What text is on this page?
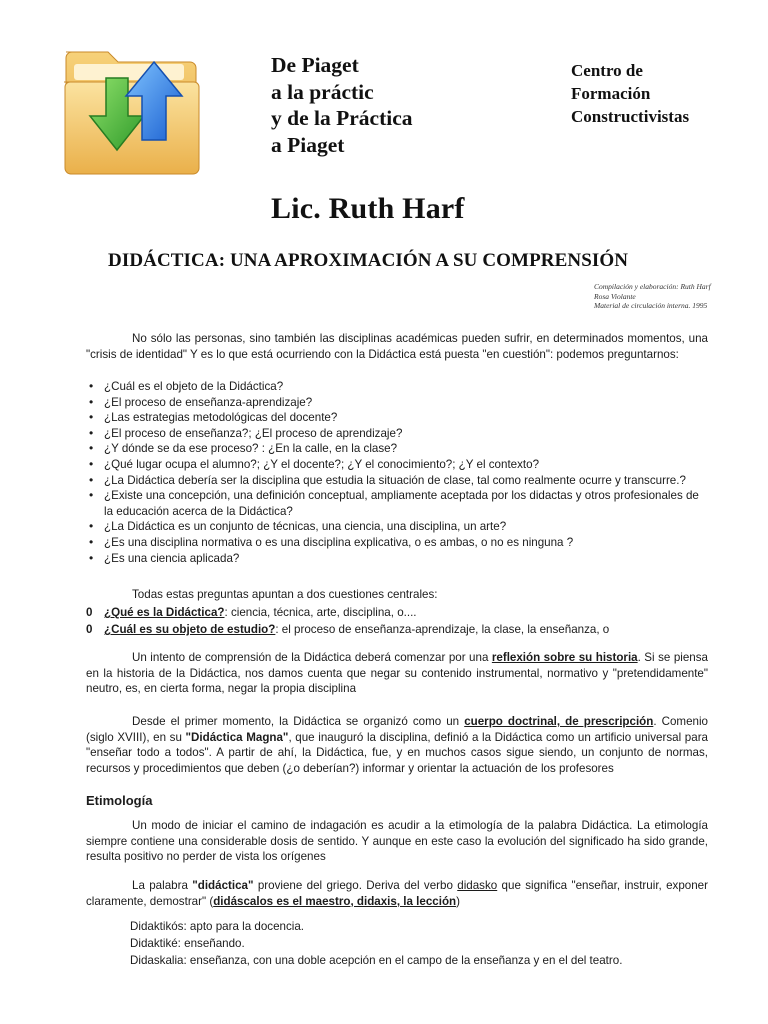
De Piaget
a la práctic
y de la Práctica
a Piaget
Centro de
Formación
Constructivistas
Lic. Ruth Harf
DIDÁCTICA: UNA APROXIMACIÓN A SU COMPRENSIÓN
Compilación y elaboración: Ruth Harf
Rosa Violante
Material de circulación interna. 1995

No sólo las personas, sino también las disciplinas académicas pueden sufrir, en determinados momentos, una "crisis de identidad" Y es lo que está ocurriendo con la Didáctica está puesta "en cuestión": podemos preguntarnos:

• ¿Cuál es el objeto de la Didáctica?
• ¿El proceso de enseñanza-aprendizaje?
• ¿Las estrategias metodológicas del docente?
• ¿El proceso de enseñanza?; ¿El proceso de aprendizaje?
• ¿Y dónde se da ese proceso? : ¿En la calle, en la clase?
• ¿Qué lugar ocupa el alumno?; ¿Y el docente?; ¿Y el conocimiento?; ¿Y el contexto?
• ¿La Didáctica debería ser la disciplina que estudia la situación de clase, tal como realmente ocurre y transcurre.?
• ¿Existe una concepción, una definición conceptual, ampliamente aceptada por los didactas y otros profesionales de la educación acerca de la Didáctica?
• ¿La Didáctica es un conjunto de técnicas, una ciencia, una disciplina, un arte?
• ¿Es una disciplina normativa o es una disciplina explicativa, o es ambas, o no es ninguna ?
• ¿Es una ciencia aplicada?

Todas estas preguntas apuntan a dos cuestiones centrales:

0 ¿Qué es la Didáctica?: ciencia, técnica, arte, disciplina, o....
0 ¿Cuál es su objeto de estudio?: el proceso de enseñanza-aprendizaje, la clase, la enseñanza, o

Un intento de comprensión de la Didáctica deberá comenzar por una reflexión sobre su historia. Si se piensa en la historia de la Didáctica, nos damos cuenta que negar su contenido instrumental, normativo y "pretendidamente" neutro, es, en cierta forma, negar la propia disciplina

Desde el primer momento, la Didáctica se organizó como un cuerpo doctrinal, de prescripción. Comenio (siglo XVIII), en su "Didáctica Magna", que inauguró la disciplina, definió a la Didáctica como un artificio universal para "enseñar todo a todos". A partir de ahí, la Didáctica, fue, y en muchos casos sigue siendo, un conjunto de normas, recursos y procedimientos que deben (¿o deberían?) informar y orientar la actuación de los profesores

Etimología

Un modo de iniciar el camino de indagación es acudir a la etimología de la palabra Didáctica. La etimología siempre contiene una considerable dosis de sentido. Y aunque en este caso la evolución del significado ha sido grande, resulta positivo no perder de vista los orígenes

La palabra "didáctica" proviene del griego. Deriva del verbo didasko que significa "enseñar, instruir, exponer claramente, demostrar" (didáscalos es el maestro, didaxis, la lección)

Didaktikós: apto para la docencia.

Didaktiké: enseñando.

Didaskalia: enseñanza, con una doble acepción en el campo de la enseñanza y en el del teatro.
